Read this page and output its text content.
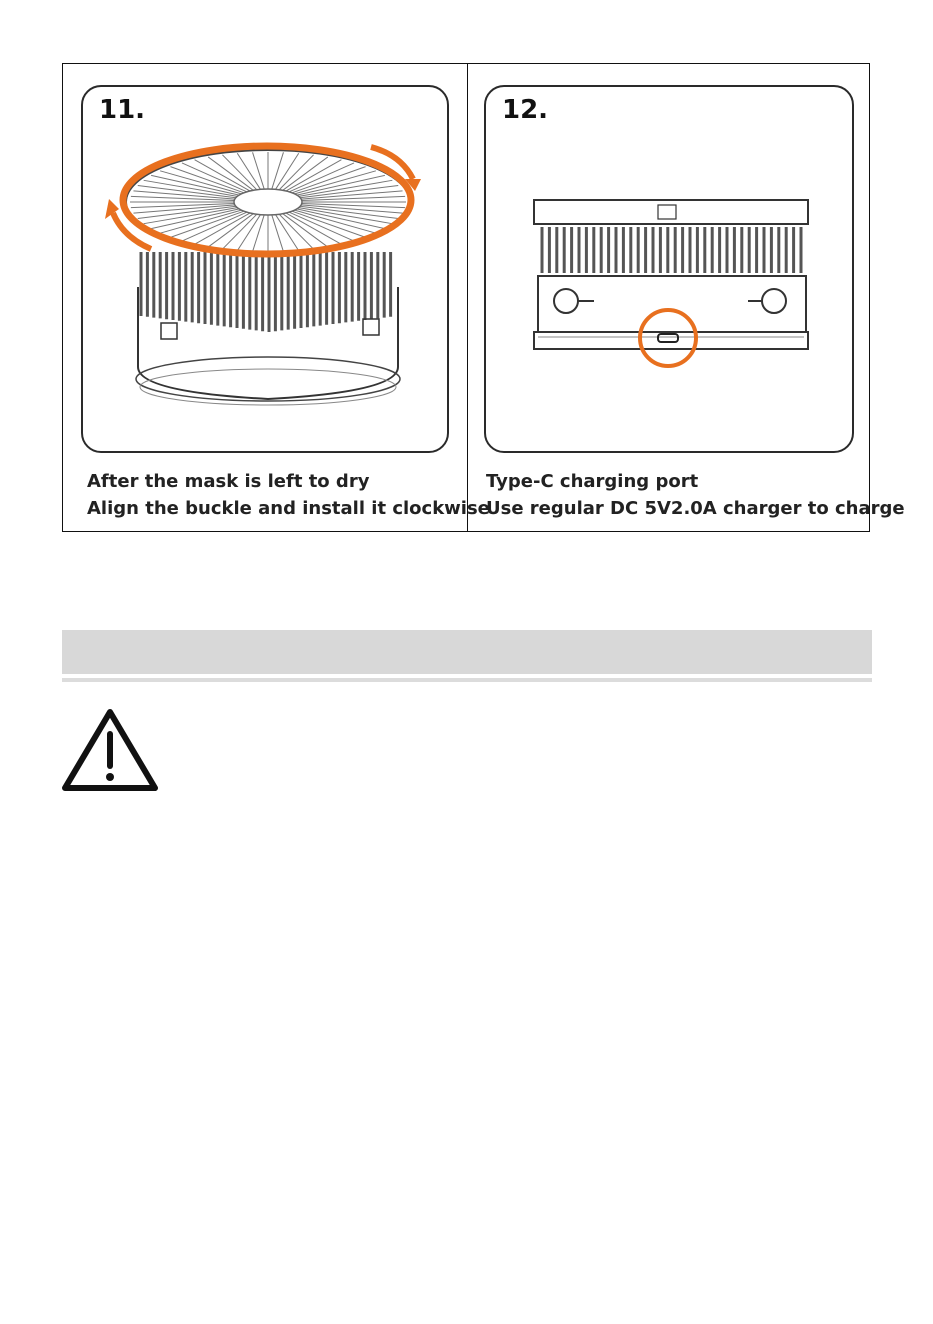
11.
After the mask is left to dry
Align the buckle and install it clockwise
12.
Type-C charging port
Use regular DC 5V2.0A charger to charge
